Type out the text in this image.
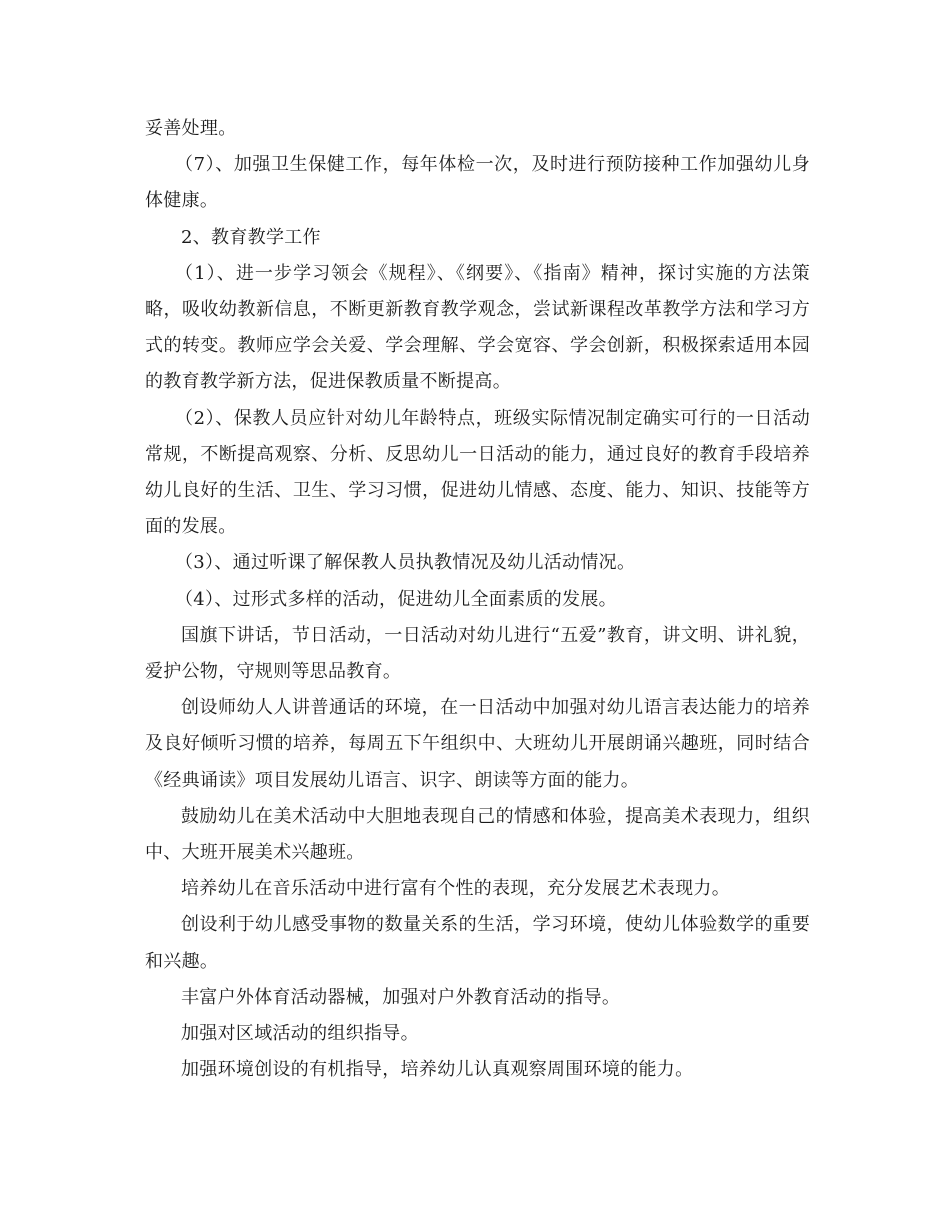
妥善处理。

（7）、加强卫生保健工作，每年体检一次，及时进行预防接种工作加强幼儿身体健康。

2、教育教学工作

（1）、进一步学习领会《规程》、《纲要》、《指南》精神，探讨实施的方法策略，吸收幼教新信息，不断更新教育教学观念，尝试新课程改革教学方法和学习方式的转变。教师应学会关爱、学会理解、学会宽容、学会创新，积极探索适用本园的教育教学新方法，促进保教质量不断提高。

（2）、保教人员应针对幼儿年龄特点，班级实际情况制定确实可行的一日活动常规，不断提高观察、分析、反思幼儿一日活动的能力，通过良好的教育手段培养幼儿良好的生活、卫生、学习习惯，促进幼儿情感、态度、能力、知识、技能等方面的发展。

（3）、通过听课了解保教人员执教情况及幼儿活动情况。

（4）、过形式多样的活动，促进幼儿全面素质的发展。

国旗下讲话，节日活动，一日活动对幼儿进行“五爱”教育，讲文明、讲礼貌，爱护公物，守规则等思品教育。

创设师幼人人讲普通话的环境，在一日活动中加强对幼儿语言表达能力的培养及良好倾听习惯的培养，每周五下午组织中、大班幼儿开展朗诵兴趣班，同时结合《经典诵读》项目发展幼儿语言、识字、朗读等方面的能力。

鼓励幼儿在美术活动中大胆地表现自己的情感和体验，提高美术表现力，组织中、大班开展美术兴趣班。

培养幼儿在音乐活动中进行富有个性的表现，充分发展艺术表现力。

创设利于幼儿感受事物的数量关系的生活，学习环境，使幼儿体验数学的重要和兴趣。

丰富户外体育活动器械，加强对户外教育活动的指导。

加强对区域活动的组织指导。

加强环境创设的有机指导，培养幼儿认真观察周围环境的能力。
